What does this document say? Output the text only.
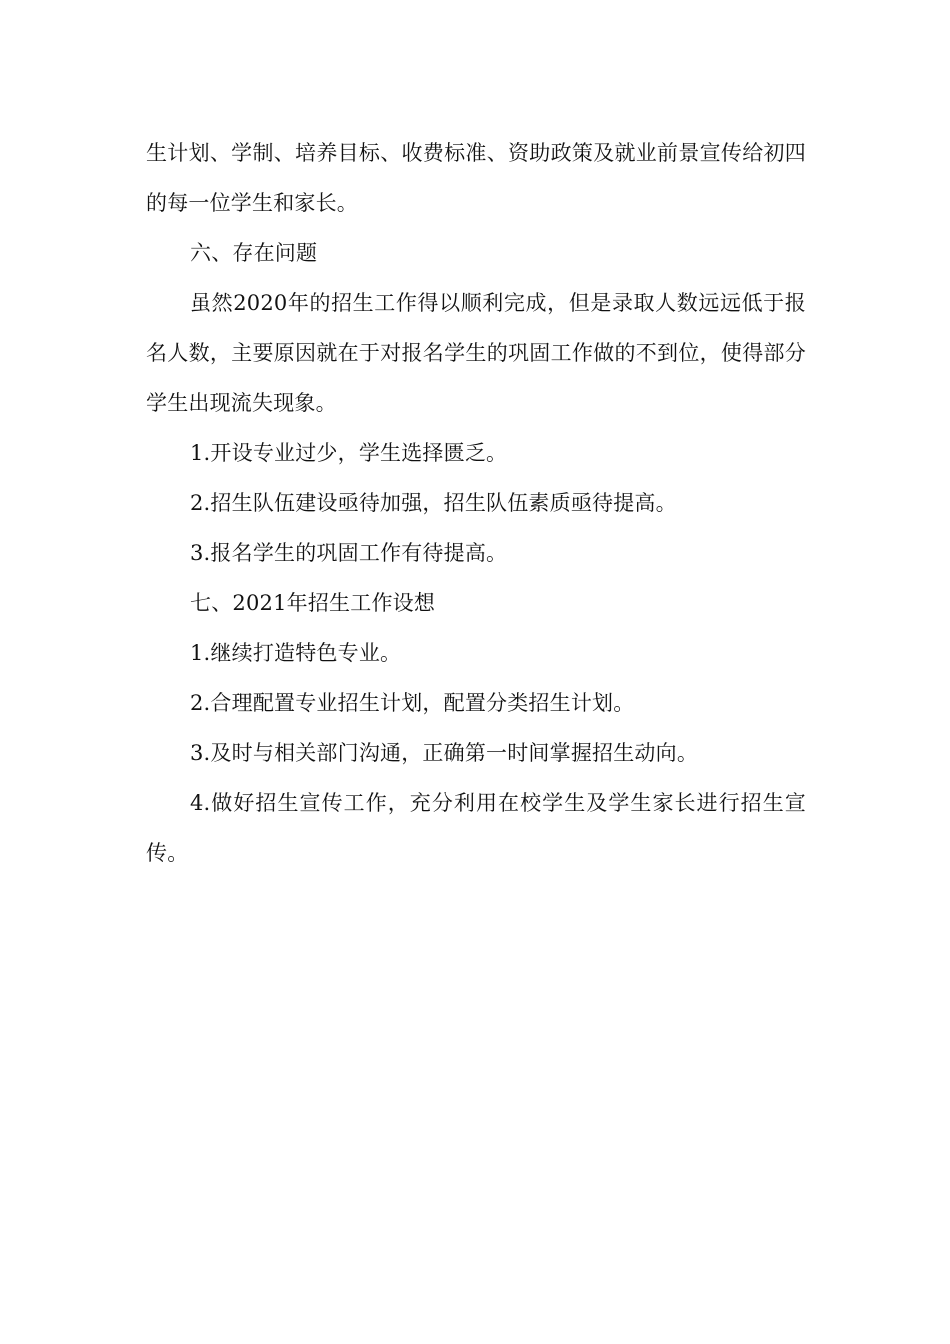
生计划、学制、培养目标、收费标准、资助政策及就业前景宣传给初四的每一位学生和家长。

六、存在问题

虽然2020年的招生工作得以顺利完成，但是录取人数远远低于报名人数，主要原因就在于对报名学生的巩固工作做的不到位，使得部分学生出现流失现象。

1.开设专业过少，学生选择匮乏。

2.招生队伍建设亟待加强，招生队伍素质亟待提高。

3.报名学生的巩固工作有待提高。

七、2021年招生工作设想

1.继续打造特色专业。

2.合理配置专业招生计划，配置分类招生计划。

3.及时与相关部门沟通，正确第一时间掌握招生动向。

4.做好招生宣传工作，充分利用在校学生及学生家长进行招生宣传。
